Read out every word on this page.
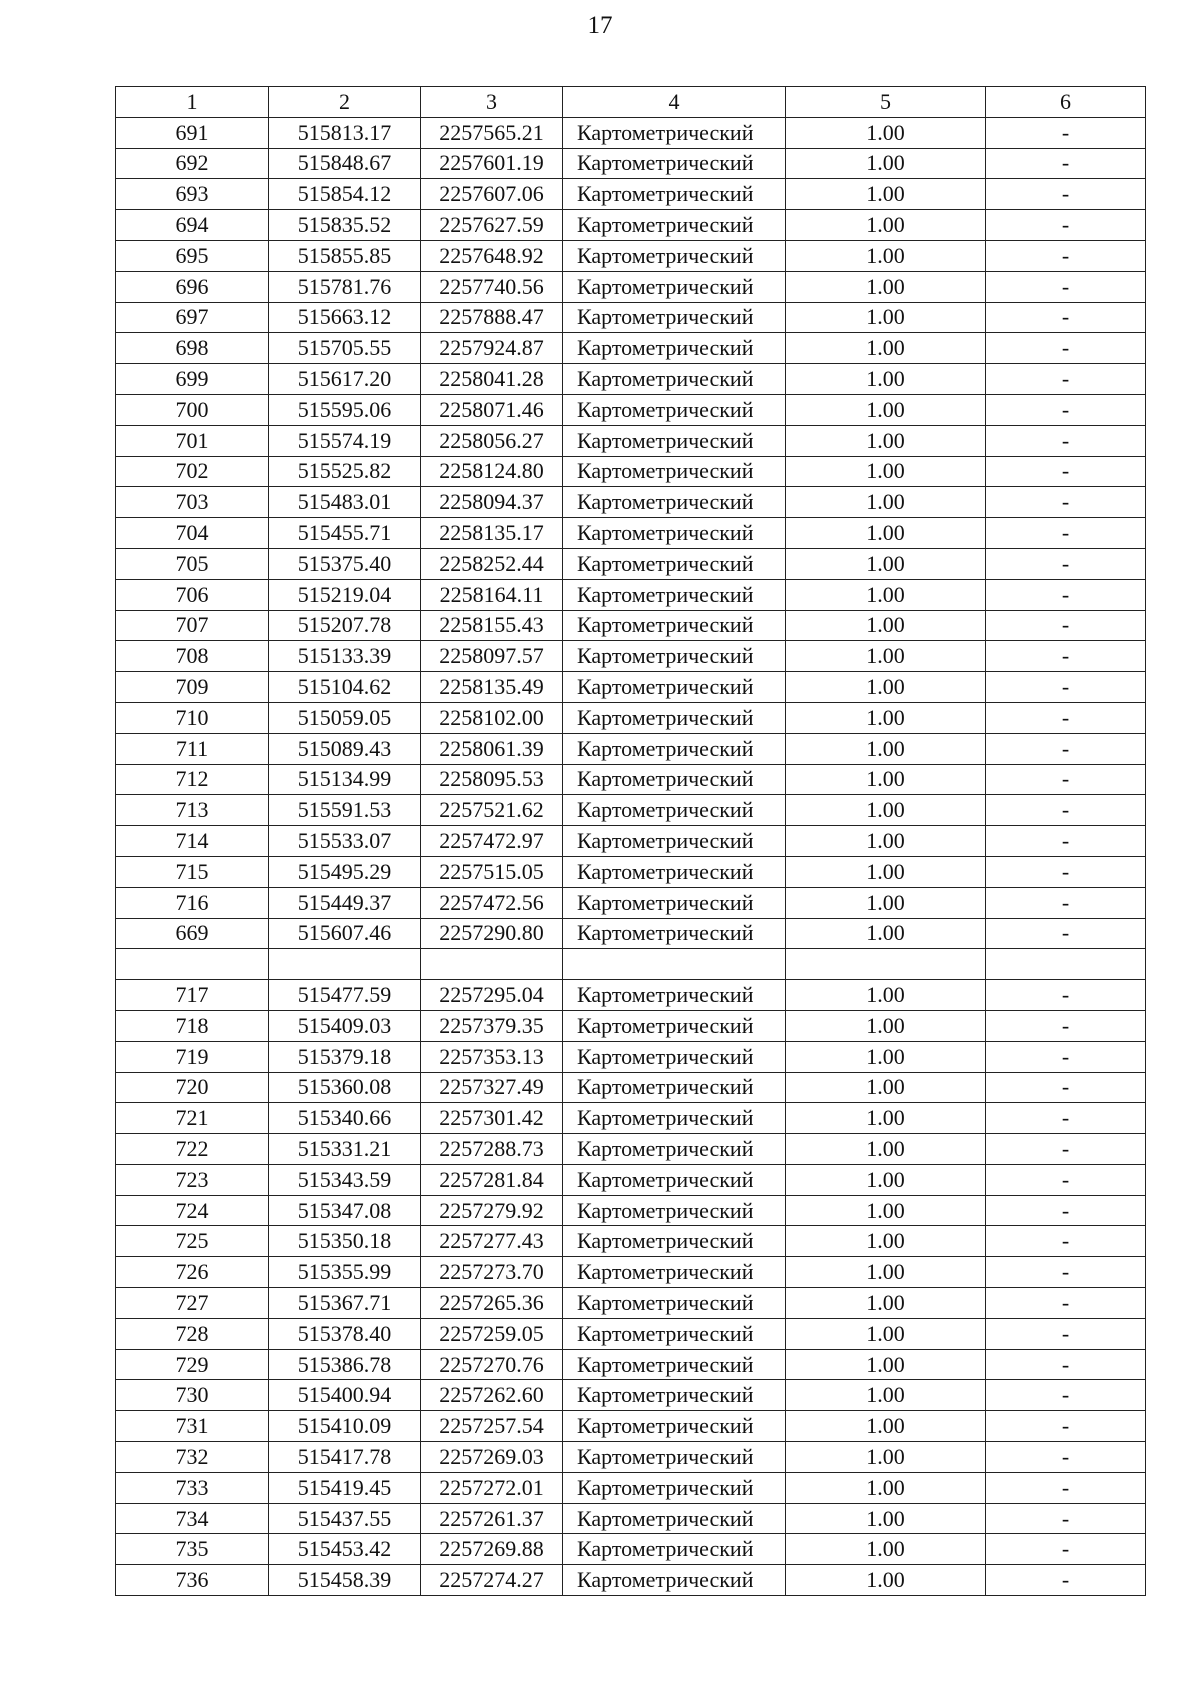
17
1	2	3	4	5	6
691	515813.17	2257565.21	Картометрический	1.00	-
692	515848.67	2257601.19	Картометрический	1.00	-
693	515854.12	2257607.06	Картометрический	1.00	-
694	515835.52	2257627.59	Картометрический	1.00	-
695	515855.85	2257648.92	Картометрический	1.00	-
696	515781.76	2257740.56	Картометрический	1.00	-
697	515663.12	2257888.47	Картометрический	1.00	-
698	515705.55	2257924.87	Картометрический	1.00	-
699	515617.20	2258041.28	Картометрический	1.00	-
700	515595.06	2258071.46	Картометрический	1.00	-
701	515574.19	2258056.27	Картометрический	1.00	-
702	515525.82	2258124.80	Картометрический	1.00	-
703	515483.01	2258094.37	Картометрический	1.00	-
704	515455.71	2258135.17	Картометрический	1.00	-
705	515375.40	2258252.44	Картометрический	1.00	-
706	515219.04	2258164.11	Картометрический	1.00	-
707	515207.78	2258155.43	Картометрический	1.00	-
708	515133.39	2258097.57	Картометрический	1.00	-
709	515104.62	2258135.49	Картометрический	1.00	-
710	515059.05	2258102.00	Картометрический	1.00	-
711	515089.43	2258061.39	Картометрический	1.00	-
712	515134.99	2258095.53	Картометрический	1.00	-
713	515591.53	2257521.62	Картометрический	1.00	-
714	515533.07	2257472.97	Картометрический	1.00	-
715	515495.29	2257515.05	Картометрический	1.00	-
716	515449.37	2257472.56	Картометрический	1.00	-
669	515607.46	2257290.80	Картометрический	1.00	-

717	515477.59	2257295.04	Картометрический	1.00	-
718	515409.03	2257379.35	Картометрический	1.00	-
719	515379.18	2257353.13	Картометрический	1.00	-
720	515360.08	2257327.49	Картометрический	1.00	-
721	515340.66	2257301.42	Картометрический	1.00	-
722	515331.21	2257288.73	Картометрический	1.00	-
723	515343.59	2257281.84	Картометрический	1.00	-
724	515347.08	2257279.92	Картометрический	1.00	-
725	515350.18	2257277.43	Картометрический	1.00	-
726	515355.99	2257273.70	Картометрический	1.00	-
727	515367.71	2257265.36	Картометрический	1.00	-
728	515378.40	2257259.05	Картометрический	1.00	-
729	515386.78	2257270.76	Картометрический	1.00	-
730	515400.94	2257262.60	Картометрический	1.00	-
731	515410.09	2257257.54	Картометрический	1.00	-
732	515417.78	2257269.03	Картометрический	1.00	-
733	515419.45	2257272.01	Картометрический	1.00	-
734	515437.55	2257261.37	Картометрический	1.00	-
735	515453.42	2257269.88	Картометрический	1.00	-
736	515458.39	2257274.27	Картометрический	1.00	-
